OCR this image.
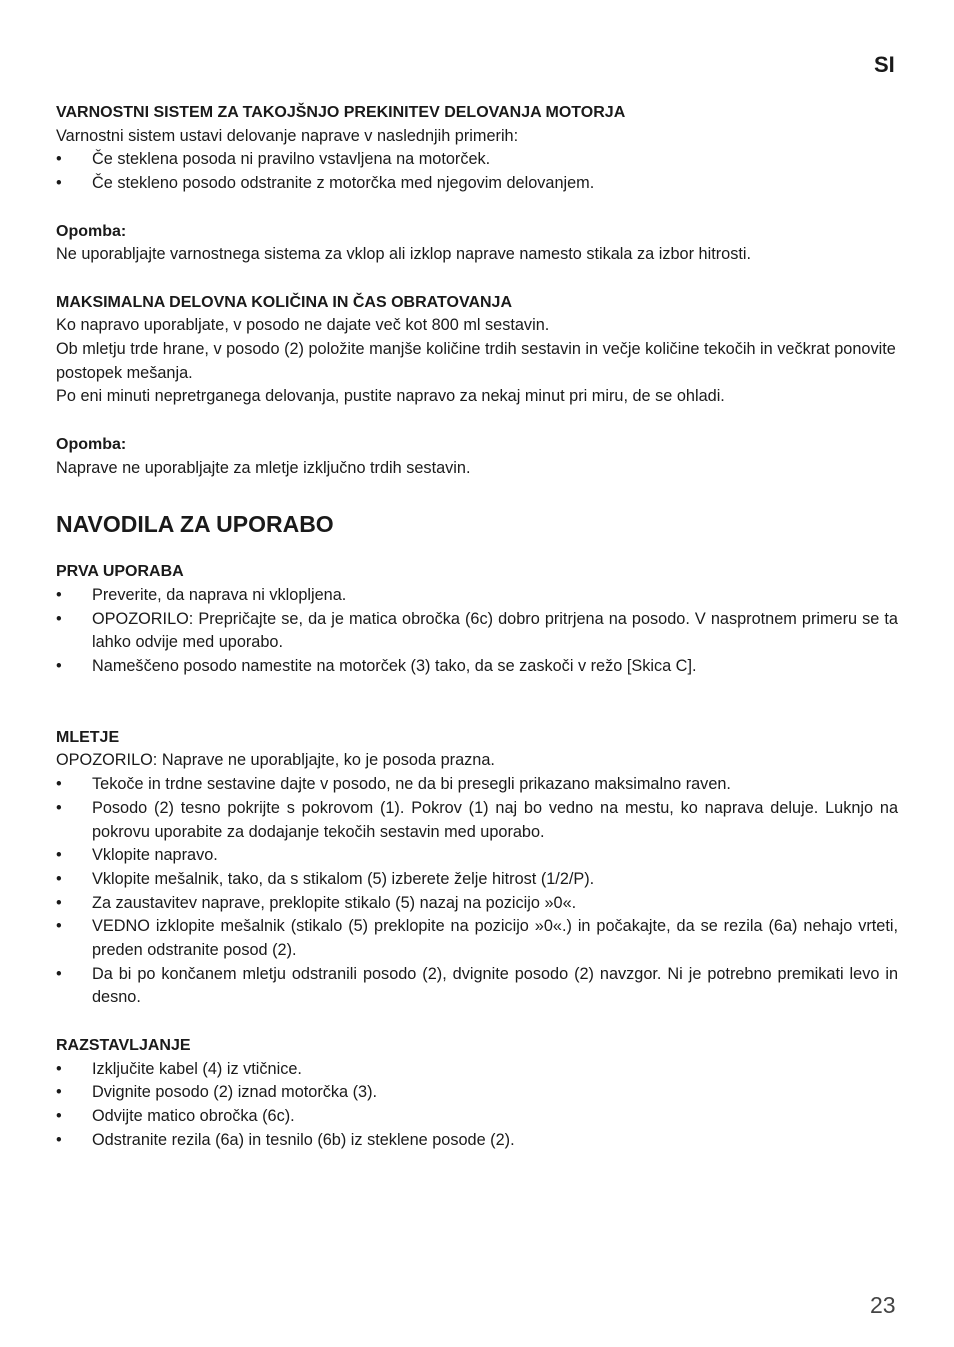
SI

VARNOSTNI SISTEM ZA TAKOJŠNJO PREKINITEV DELOVANJA MOTORJA

Varnostni sistem ustavi delovanje naprave v naslednjih primerih:

• Če steklena posoda ni pravilno vstavljena na motorček.
• Če stekleno posodo odstranite z motorčka med njegovim delovanjem.

Opomba:

Ne uporabljajte varnostnega sistema za vklop ali izklop naprave namesto stikala za izbor hitrosti.

MAKSIMALNA DELOVNA KOLIČINA IN ČAS OBRATOVANJA

Ko napravo uporabljate, v posodo ne dajate več kot 800 ml sestavin.

Ob mletju trde hrane, v posodo (2) položite manjše količine trdih sestavin in večje količine tekočih in večkrat ponovite postopek mešanja.

Po eni minuti nepretrganega delovanja, pustite napravo za nekaj minut pri miru, de se ohladi.

Opomba:

Naprave ne uporabljajte za mletje izključno trdih sestavin.

NAVODILA ZA UPORABO

PRVA UPORABA

• Preverite, da naprava ni vklopljena.
• OPOZORILO: Prepričajte se, da je matica obročka (6c) dobro pritrjena na posodo. V nasprotnem primeru se ta lahko odvije med uporabo.
• Nameščeno posodo namestite na motorček (3) tako, da se zaskoči v režo [Skica C].

MLETJE

OPOZORILO: Naprave ne uporabljajte, ko je posoda prazna.

• Tekoče in trdne sestavine dajte v posodo, ne da bi presegli prikazano maksimalno raven.
• Posodo (2) tesno pokrijte s pokrovom (1). Pokrov (1) naj bo vedno na mestu, ko naprava deluje. Luknjo na pokrovu uporabite za dodajanje tekočih sestavin med uporabo.
• Vklopite napravo.
• Vklopite mešalnik, tako, da s stikalom (5) izberete želje hitrost (1/2/P).
• Za zaustavitev naprave, preklopite stikalo (5) nazaj na pozicijo »0«.
• VEDNO izklopite mešalnik (stikalo (5) preklopite na pozicijo »0«.) in počakajte, da se rezila (6a) nehajo vrteti, preden odstranite posod (2).
• Da bi po končanem mletju odstranili posodo (2), dvignite posodo (2) navzgor. Ni je potrebno premikati levo in desno.

RAZSTAVLJANJE

• Izključite kabel (4) iz vtičnice.
• Dvignite posodo (2) iznad motorčka (3).
• Odvijte matico obročka (6c).
• Odstranite rezila (6a) in tesnilo (6b) iz steklene posode (2).
23
